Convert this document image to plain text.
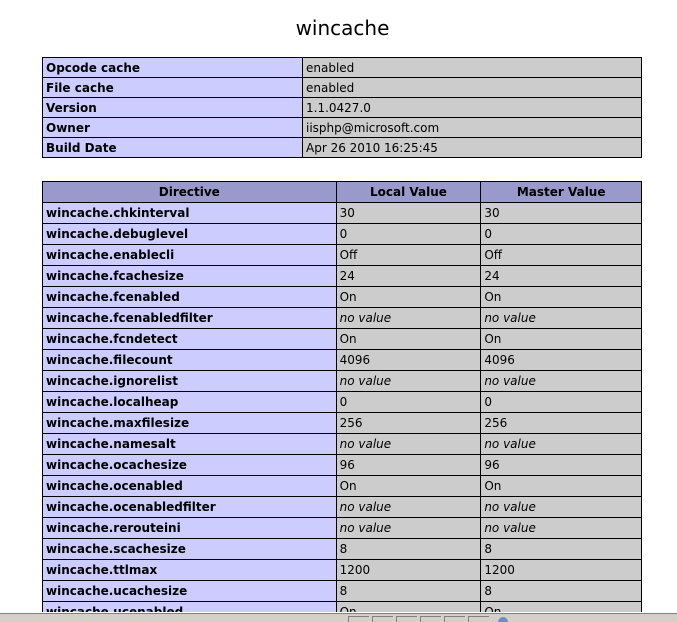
wincache
Opcode cache	enabled
File cache	enabled
Version	1.1.0427.0
Owner	iisphp@microsoft.com
Build Date	Apr 26 2010 16:25:45
Directive	Local Value	Master Value
wincache.chkinterval	30	30
wincache.debuglevel	0	0
wincache.enablecli	Off	Off
wincache.fcachesize	24	24
wincache.fcenabled	On	On
wincache.fcenabledfilter	no value	no value
wincache.fcndetect	On	On
wincache.filecount	4096	4096
wincache.ignorelist	no value	no value
wincache.localheap	0	0
wincache.maxfilesize	256	256
wincache.namesalt	no value	no value
wincache.ocachesize	96	96
wincache.ocenabled	On	On
wincache.ocenabledfilter	no value	no value
wincache.rerouteini	no value	no value
wincache.scachesize	8	8
wincache.ttlmax	1200	1200
wincache.ucachesize	8	8
